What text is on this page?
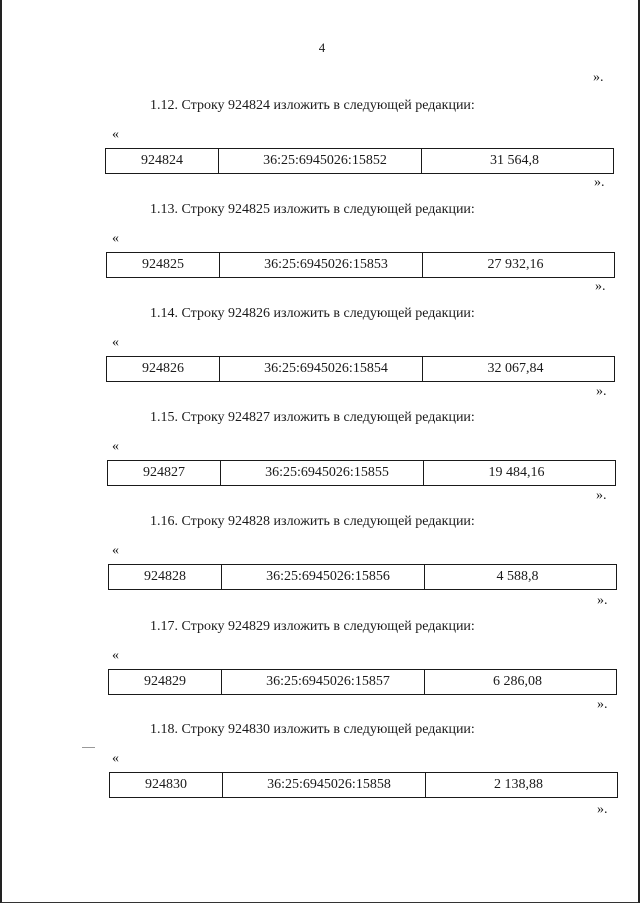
4
».
1.12. Строку 924824 изложить в следующей редакции:
«
924824	36:25:6945026:15852	31 564,8
».
1.13. Строку 924825 изложить в следующей редакции:
«
924825	36:25:6945026:15853	27 932,16
».
1.14. Строку 924826 изложить в следующей редакции:
«
924826	36:25:6945026:15854	32 067,84
».
1.15. Строку 924827 изложить в следующей редакции:
«
924827	36:25:6945026:15855	19 484,16
».
1.16. Строку 924828 изложить в следующей редакции:
«
924828	36:25:6945026:15856	4 588,8
».
1.17. Строку 924829 изложить в следующей редакции:
«
924829	36:25:6945026:15857	6 286,08
».
1.18. Строку 924830 изложить в следующей редакции:
«
924830	36:25:6945026:15858	2 138,88
».
